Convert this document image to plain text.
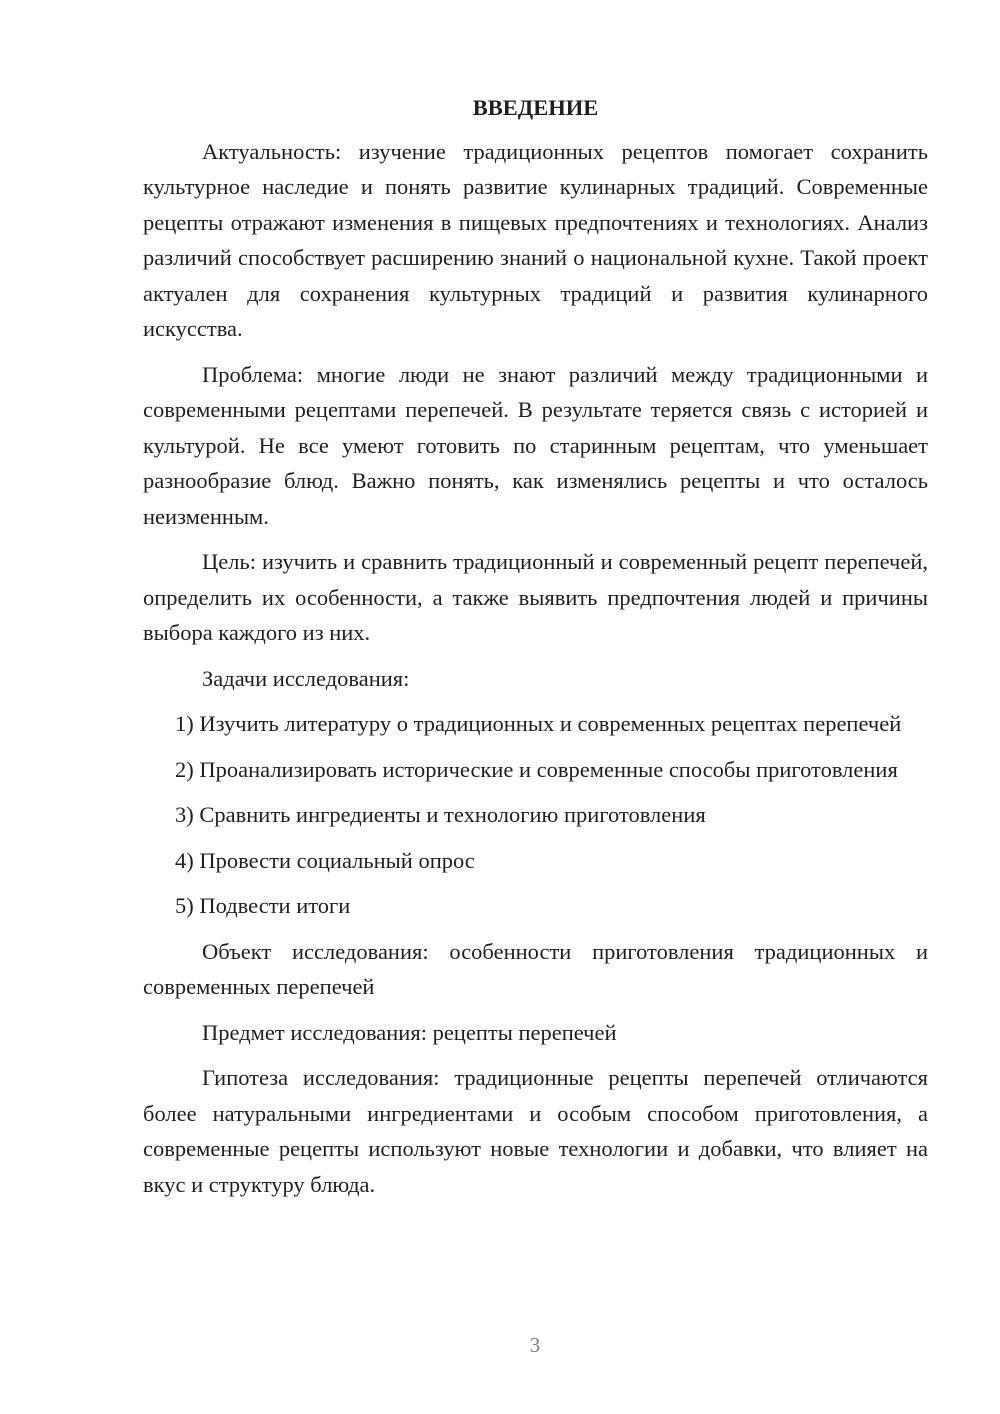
ВВЕДЕНИЕ

Актуальность: изучение традиционных рецептов помогает сохранить культурное наследие и понять развитие кулинарных традиций. Современные рецепты отражают изменения в пищевых предпочтениях и технологиях. Анализ различий способствует расширению знаний о национальной кухне. Такой проект актуален для сохранения культурных традиций и развития кулинарного искусства.

Проблема: многие люди не знают различий между традиционными и современными рецептами перепечей. В результате теряется связь с историей и культурой. Не все умеют готовить по старинным рецептам, что уменьшает разнообразие блюд. Важно понять, как изменялись рецепты и что осталось неизменным.

Цель: изучить и сравнить традиционный и современный рецепт перепечей, определить их особенности, а также выявить предпочтения людей и причины выбора каждого из них.

Задачи исследования:

1) Изучить литературу о традиционных и современных рецептах перепечей

2) Проанализировать исторические и современные способы приготовления

3) Сравнить ингредиенты и технологию приготовления

4) Провести социальный опрос

5) Подвести итоги

Объект исследования: особенности приготовления традиционных и современных перепечей

Предмет исследования: рецепты перепечей

Гипотеза исследования: традиционные рецепты перепечей отличаются более натуральными ингредиентами и особым способом приготовления, а современные рецепты используют новые технологии и добавки, что влияет на вкус и структуру блюда.

3
